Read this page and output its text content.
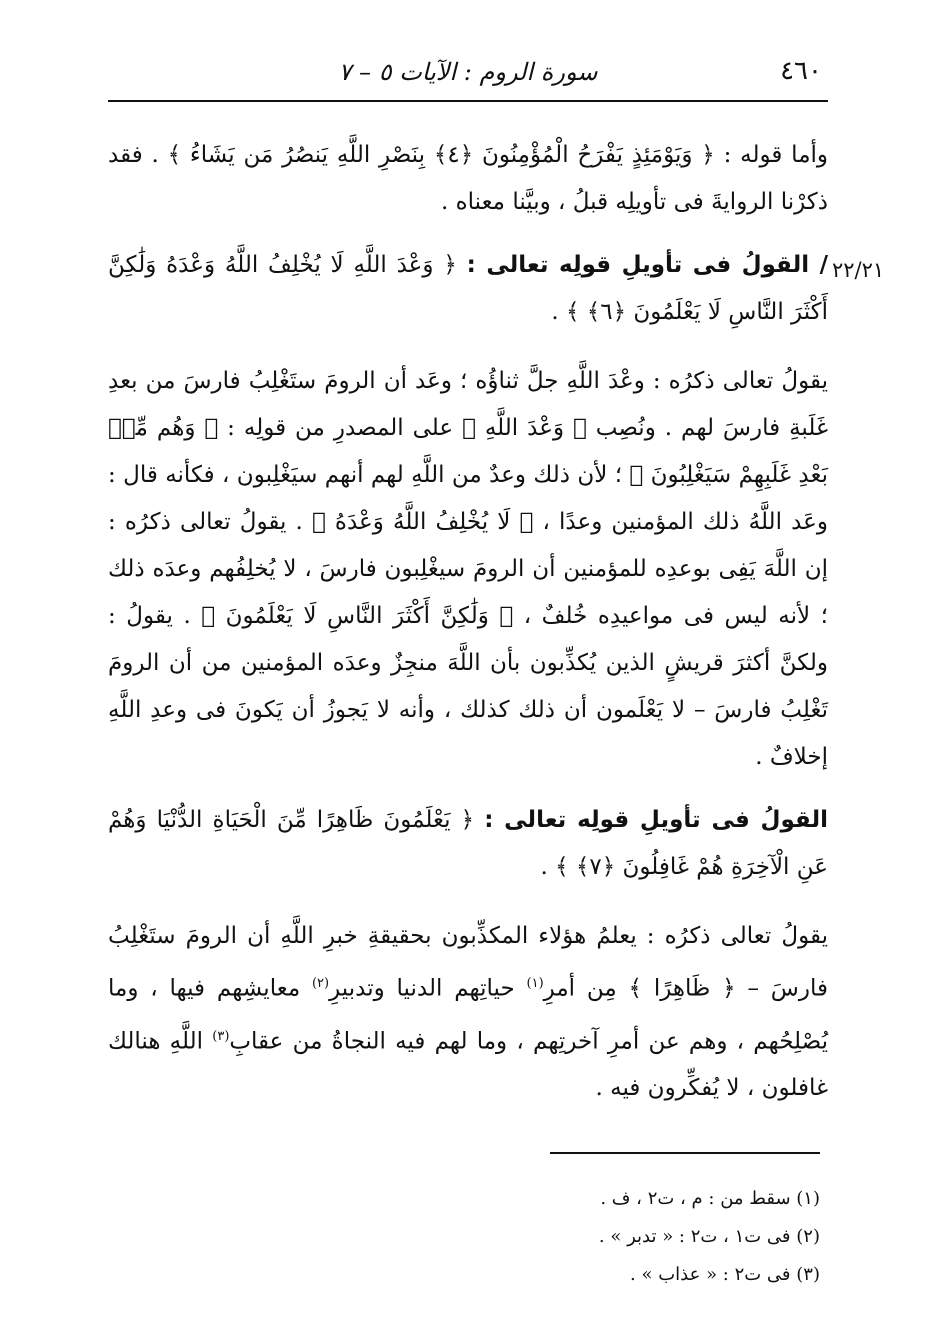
٤٦٠
سورة الروم : الآيات ٥ – ٧
٢٢/٢١

وأما قوله : ﴿ وَيَوْمَئِذٍ يَفْرَحُ الْمُؤْمِنُونَ ﴿٤﴾ بِنَصْرِ اللَّهِ يَنصُرُ مَن يَشَاءُ ﴾ . فقد ذكرْنا الروايةَ فى تأويلِه قبلُ ، وبيَّنا معناه .

/ القولُ فى تأويلِ قولِه تعالى : ﴿ وَعْدَ اللَّهِ لَا يُخْلِفُ اللَّهُ وَعْدَهُ وَلَٰكِنَّ أَكْثَرَ النَّاسِ لَا يَعْلَمُونَ ﴿٦﴾ ﴾ .

يقولُ تعالى ذكرُه : وعْدَ اللَّهِ جلَّ ثناؤُه ؛ وعَد أن الرومَ ستَغْلِبُ فارسَ من بعدِ غَلَبةِ فارسَ لهم . ونُصِب ﴿ وَعْدَ اللَّهِ ﴾ على المصدرِ من قولِه : ﴿ وَهُم مِّنۢ بَعْدِ غَلَبِهِمْ سَيَغْلِبُونَ ﴾ ؛ لأن ذلك وعدٌ من اللَّهِ لهم أنهم سيَغْلِبون ، فكأنه قال : وعَد اللَّهُ ذلك المؤمنين وعدًا ، ﴿ لَا يُخْلِفُ اللَّهُ وَعْدَهُ ﴾ . يقولُ تعالى ذكرُه : إن اللَّهَ يَفِى بوعدِه للمؤمنين أن الرومَ سيغْلِبون فارسَ ، لا يُخلِفُهم وعدَه ذلك ؛ لأنه ليس فى مواعيدِه خُلفٌ ، ﴿ وَلَٰكِنَّ أَكْثَرَ النَّاسِ لَا يَعْلَمُونَ ﴾ . يقولُ : ولكنَّ أكثرَ قريشٍ الذين يُكذِّبون بأن اللَّهَ منجِزٌ وعدَه المؤمنين من أن الرومَ تَغْلِبُ فارسَ – لا يَعْلَمون أن ذلك كذلك ، وأنه لا يَجوزُ أن يَكونَ فى وعدِ اللَّهِ إخلافٌ .

القولُ فى تأويلِ قولِه تعالى : ﴿ يَعْلَمُونَ ظَاهِرًا مِّنَ الْحَيَاةِ الدُّنْيَا وَهُمْ عَنِ الْآخِرَةِ هُمْ غَافِلُونَ ﴿٧﴾ ﴾ .

يقولُ تعالى ذكرُه : يعلمُ هؤلاء المكذِّبون بحقيقةِ خبرِ اللَّهِ أن الرومَ ستَغْلِبُ فارسَ – ﴿ ظَاهِرًا ﴾ مِن أمرِ$^{(١)}$ حياتِهم الدنيا وتدبيرِ$^{(٢)}$ معايشِهم فيها ، وما يُصْلِحُهم ، وهم عن أمرِ آخرتِهم ، وما لهم فيه النجاةُ من عقابِ$^{(٣)}$ اللَّهِ هنالك غافلون ، لا يُفكِّرون فيه .

(١) سقط من : م ، ت٢ ، ف .
(٢) فى ت١ ، ت٢ : « تدبر » .
(٣) فى ت٢ : « عذاب » .
